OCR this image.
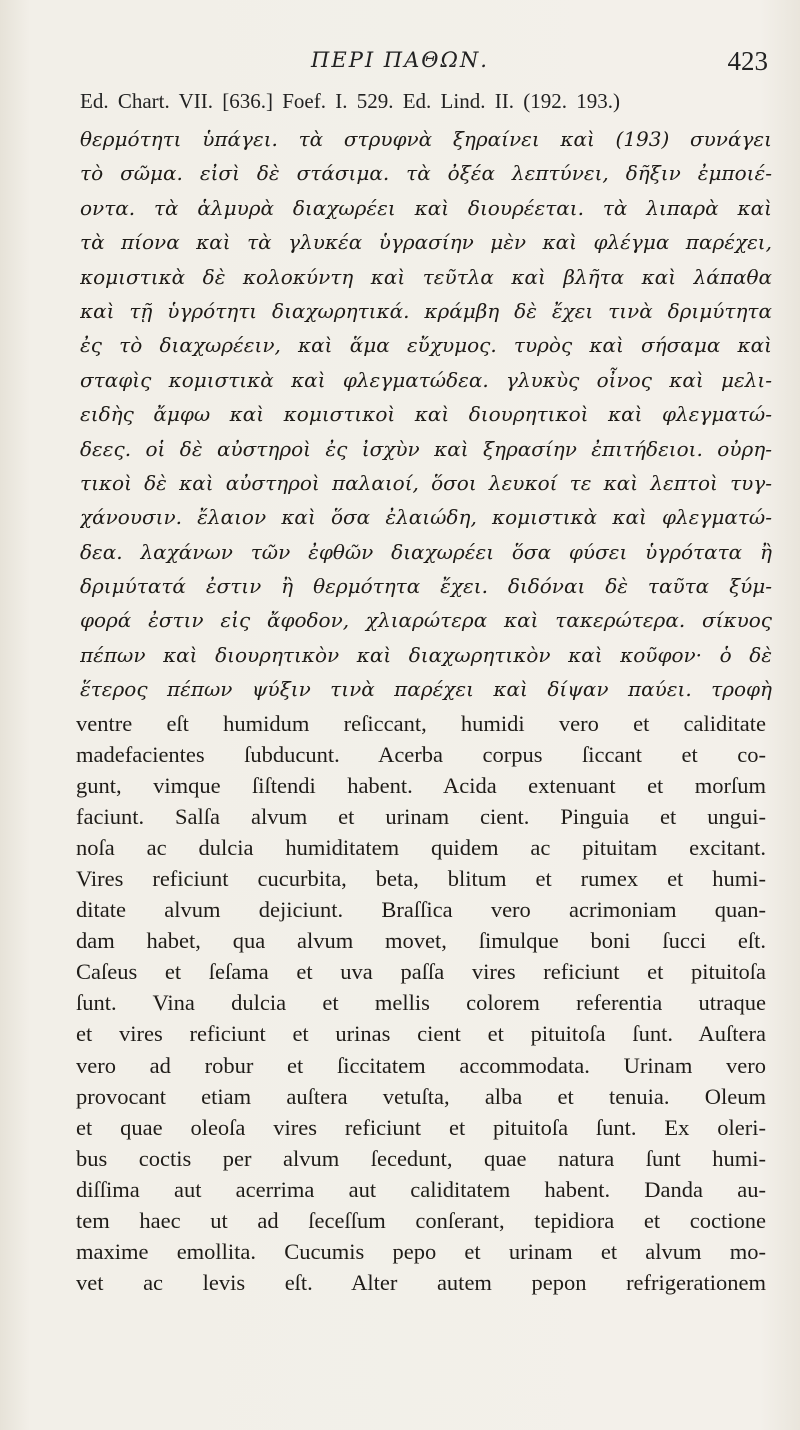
ΠΕΡΙ ΠΑΘΩΝ.	423
Ed. Chart. VII. [636.] Foef. I. 529. Ed. Lind. II. (192. 193.)
θερμότητι ὑπάγει. τὰ στρυφνὰ ξηραίνει καὶ (193) συνάγει
τὸ σῶμα. εἰσὶ δὲ στάσιμα. τὰ ὀξέα λεπτύνει, δῆξιν ἐμποιέ-
οντα. τὰ ἁλμυρὰ διαχωρέει καὶ διουρέεται. τὰ λιπαρὰ καὶ
τὰ πίονα καὶ τὰ γλυκέα ὑγρασίην μὲν καὶ φλέγμα παρέχει,
κομιστικὰ δὲ κολοκύντη καὶ τεῦτλα καὶ βλῆτα καὶ λάπαθα
καὶ τῇ ὑγρότητι διαχωρητικά. κράμβη δὲ ἔχει τινὰ δριμύτητα
ἐς τὸ διαχωρέειν, καὶ ἅμα εὔχυμος. τυρὸς καὶ σήσαμα καὶ
σταφὶς κομιστικὰ καὶ φλεγματώδεα. γλυκὺς οἶνος καὶ μελι-
ειδὴς ἄμφω καὶ κομιστικοὶ καὶ διουρητικοὶ καὶ φλεγματώ-
δεες. οἱ δὲ αὐστηροὶ ἐς ἰσχὺν καὶ ξηρασίην ἐπιτήδειοι. οὐρη-
τικοὶ δὲ καὶ αὐστηροὶ παλαιοί, ὅσοι λευκοί τε καὶ λεπτοὶ τυγ-
χάνουσιν. ἔλαιον καὶ ὅσα ἐλαιώδη, κομιστικὰ καὶ φλεγματώ-
δεα. λαχάνων τῶν ἐφθῶν διαχωρέει ὅσα φύσει ὑγρότατα ἢ
δριμύτατά ἐστιν ἢ θερμότητα ἔχει. διδόναι δὲ ταῦτα ξύμ-
φορά ἐστιν εἰς ἄφοδον, χλιαρώτερα καὶ τακερώτερα. σίκυος
πέπων καὶ διουρητικὸν καὶ διαχωρητικὸν καὶ κοῦφον· ὁ δὲ
ἕτερος πέπων ψύξιν τινὰ παρέχει καὶ δίψαν παύει. τροφὴ
ventre eſt humidum reſiccant, humidi vero et caliditate
madefacientes ſubducunt. Acerba corpus ſiccant et co-
gunt, vimque ſiſtendi habent. Acida extenuant et morſum
faciunt. Salſa alvum et urinam cient. Pinguia et ungui-
noſa ac dulcia humiditatem quidem ac pituitam excitant.
Vires reficiunt cucurbita, beta, blitum et rumex et humi-
ditate alvum dejiciunt. Braſſica vero acrimoniam quan-
dam habet, qua alvum movet, ſimulque boni ſucci eſt.
Caſeus et ſeſama et uva paſſa vires reficiunt et pituitoſa
ſunt. Vina dulcia et mellis colorem referentia utraque
et vires reficiunt et urinas cient et pituitoſa ſunt. Auſtera
vero ad robur et ſiccitatem accommodata. Urinam vero
provocant etiam auſtera vetuſta, alba et tenuia. Oleum
et quae oleoſa vires reficiunt et pituitoſa ſunt. Ex oleri-
bus coctis per alvum ſecedunt, quae natura ſunt humi-
diſſima aut acerrima aut caliditatem habent. Danda au-
tem haec ut ad ſeceſſum conſerant, tepidiora et coctione
maxime emollita. Cucumis pepo et urinam et alvum mo-
vet ac levis eſt. Alter autem pepon refrigerationem
